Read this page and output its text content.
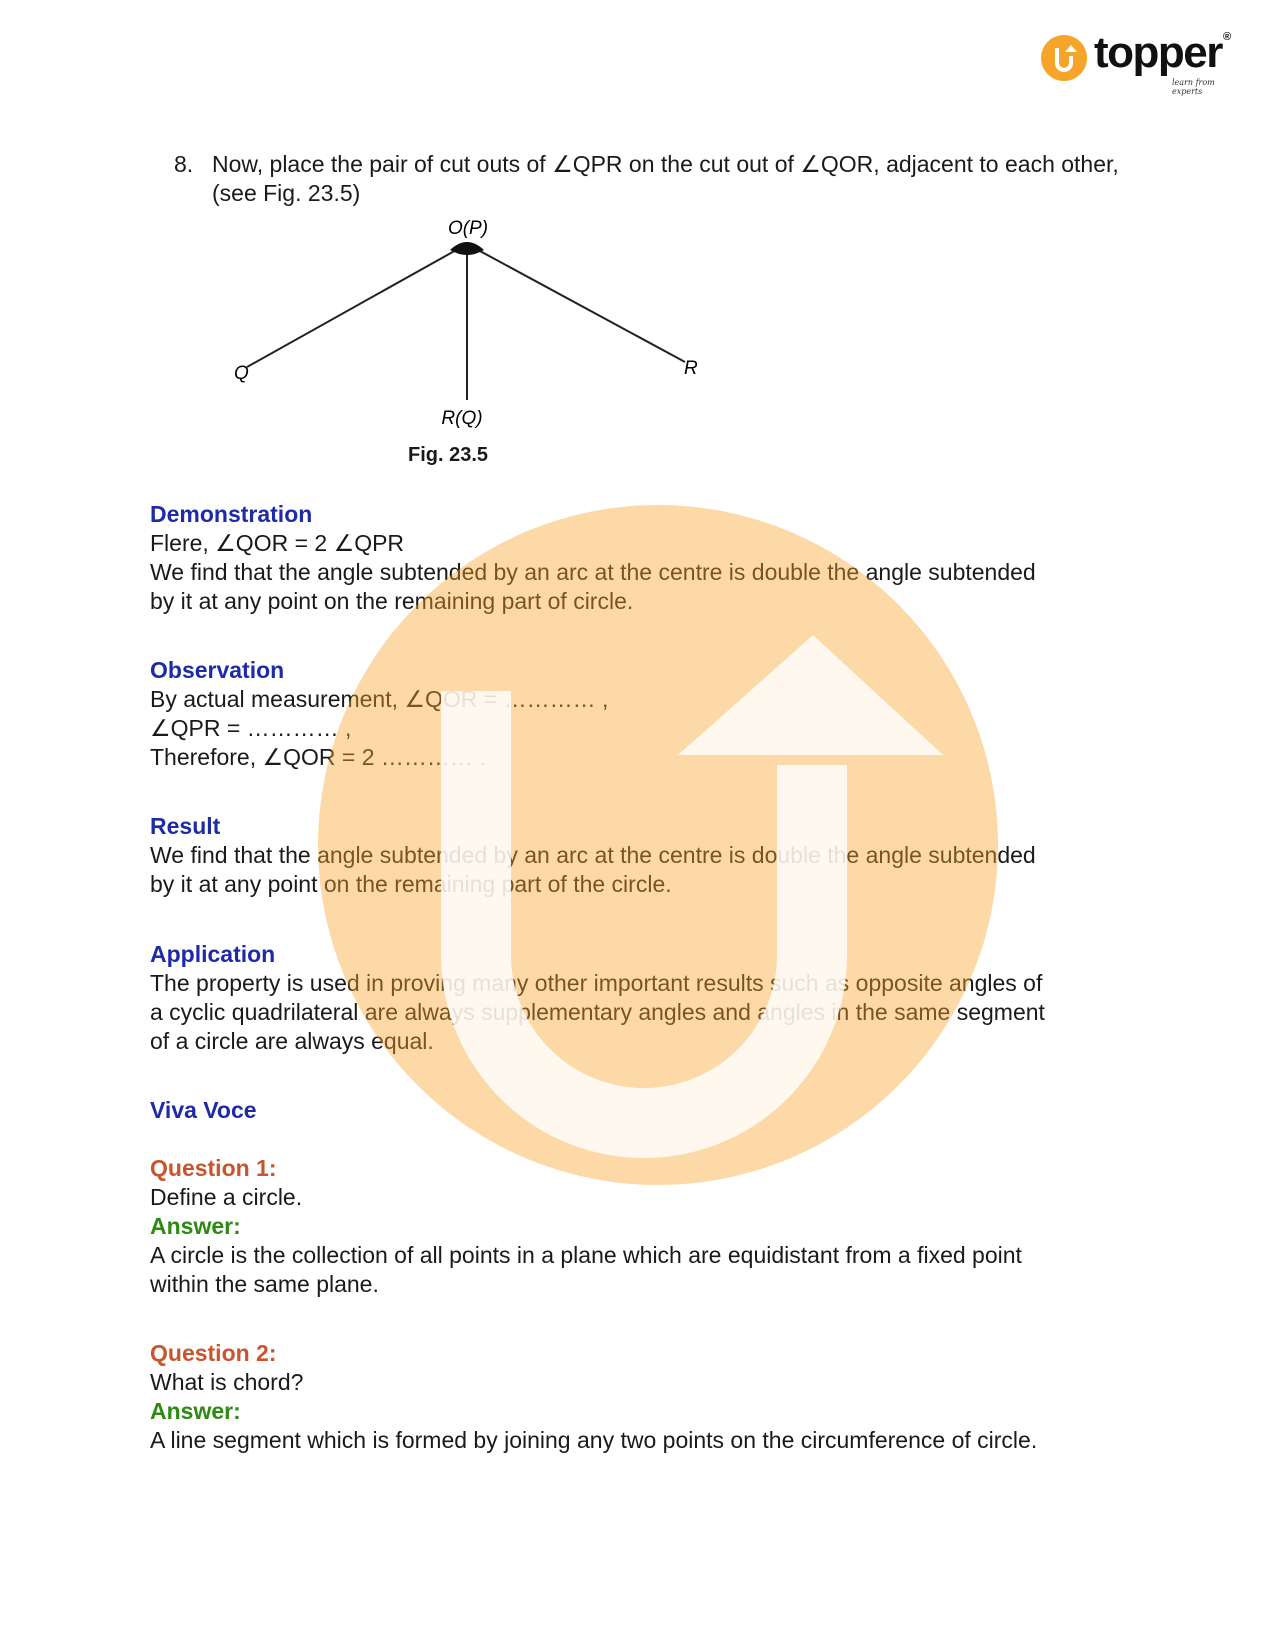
topper ®
learn from experts
8. Now, place the pair of cut outs of ∠QPR on the cut out of ∠QOR, adjacent to each other, (see Fig. 23.5)
O(P)
Q	R
R(Q)
Fig. 23.5
Demonstration
Flere, ∠QOR = 2 ∠QPR
We find that the angle subtended by an arc at the centre is double the angle subtended
by it at any point on the remaining part of circle.
Observation
By actual measurement, ∠QOR = ………… ,
∠QPR = ………… ,
Therefore, ∠QOR = 2 ………… .
Result
We find that the angle subtended by an arc at the centre is double the angle subtended
by it at any point on the remaining part of the circle.
Application
The property is used in proving many other important results such as opposite angles of
a cyclic quadrilateral are always supplementary angles and angles in the same segment
of a circle are always equal.
Viva Voce
Question 1:
Define a circle.
Answer:
A circle is the collection of all points in a plane which are equidistant from a fixed point
within the same plane.
Question 2:
What is chord?
Answer:
A line segment which is formed by joining any two points on the circumference of circle.
